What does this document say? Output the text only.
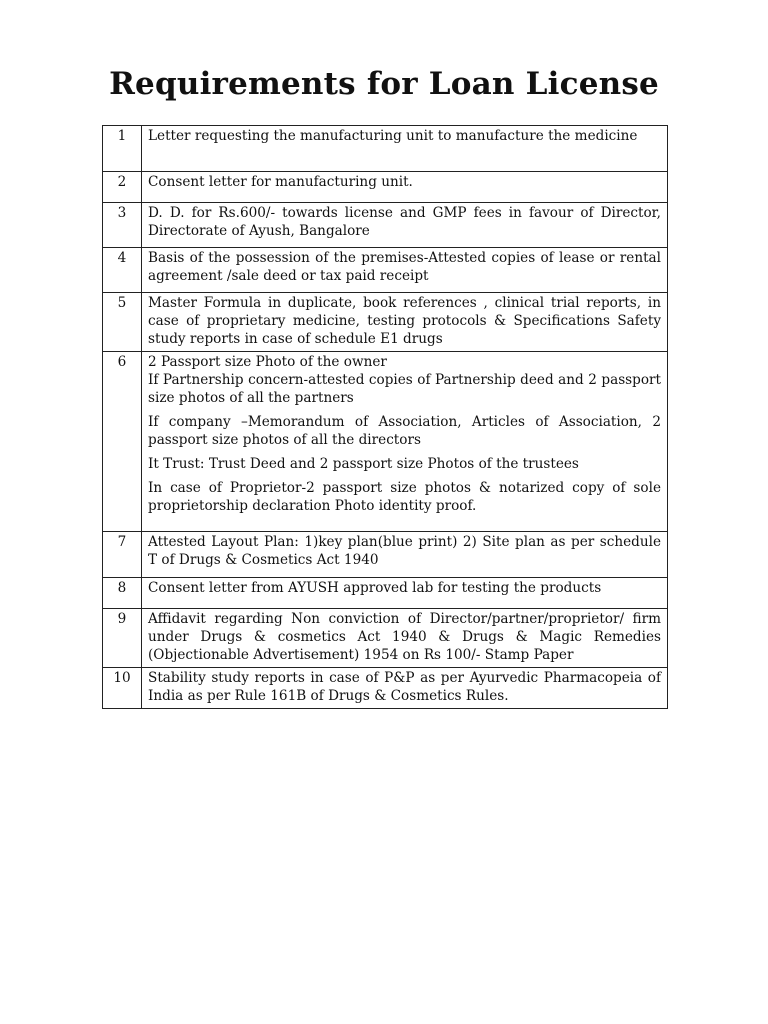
Requirements for Loan License
1	Letter requesting the manufacturing unit to manufacture the medicine

2	Consent letter for manufacturing unit.

3	D. D. for Rs.600/- towards license and GMP fees in favour of Director, Directorate of Ayush, Bangalore

4	Basis of the possession of the premises-Attested copies of lease or rental agreement /sale deed or tax paid receipt

5	Master Formula in duplicate, book references , clinical trial reports, in case of proprietary medicine, testing protocols & Specifications Safety study reports in case of schedule E1 drugs

6	2 Passport size Photo of the owner
If Partnership concern-attested copies of Partnership deed and 2 passport size photos of all the partners
If company –Memorandum of Association, Articles of Association, 2 passport size photos of all the directors
It Trust: Trust Deed and 2 passport size Photos of the trustees
In case of Proprietor-2 passport size photos & notarized copy of sole proprietorship declaration Photo identity proof.

7	Attested Layout Plan: 1)key plan(blue print) 2) Site plan as per schedule T of Drugs & Cosmetics Act 1940

8	Consent letter from AYUSH approved lab for testing the products

9	Affidavit regarding Non conviction of Director/partner/proprietor/ firm under Drugs & cosmetics Act 1940 & Drugs & Magic Remedies (Objectionable Advertisement) 1954 on Rs 100/- Stamp Paper

10	Stability study reports in case of P&P as per Ayurvedic Pharmacopeia of India as per Rule 161B of Drugs & Cosmetics Rules.
